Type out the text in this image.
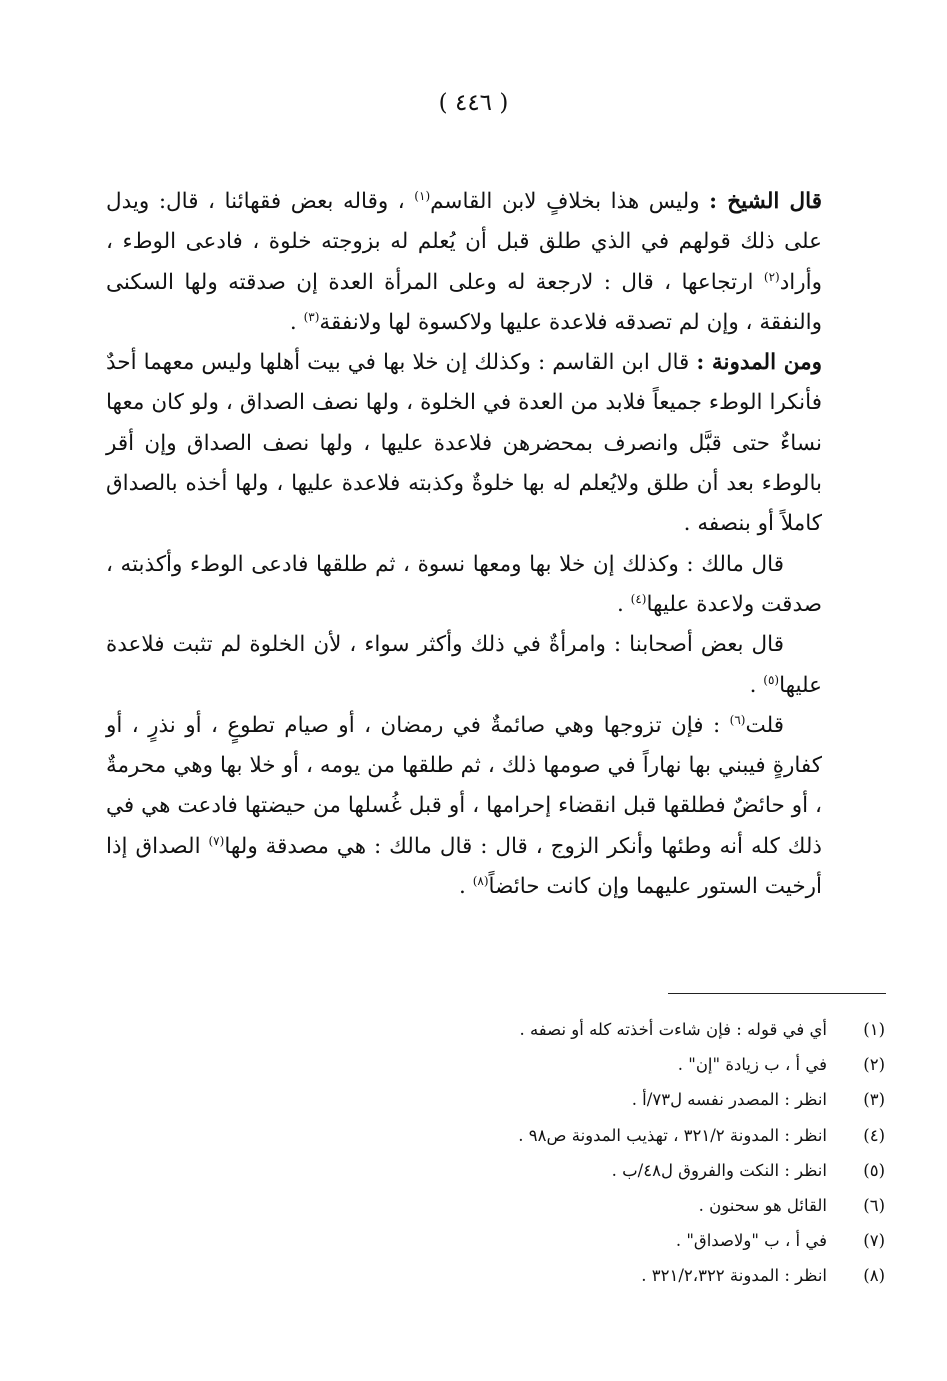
( ٤٤٦ )

قال الشيخ : وليس هذا بخلافٍ لابن القاسم$^{(١)}$ ، وقاله بعض فقهائنا ، قال: ويدل على ذلك قولهم في الذي طلق قبل أن يُعلم له بزوجته خلوة ، فادعى الوطء ، وأراد$^{(٢)}$ ارتجاعها ، قال : لارجعة له وعلى المرأة العدة إن صدقته ولها السكنى والنفقة ، وإن لم تصدقه فلاعدة عليها ولاكسوة لها ولانفقة$^{(٣)}$ .

ومن المدونة : قال ابن القاسم : وكذلك إن خلا بها في بيت أهلها وليس معهما أحدٌ فأنكرا الوطء جميعاً فلابد من العدة في الخلوة ، ولها نصف الصداق ، ولو كان معها نساءٌ حتى قبَّل وانصرف بمحضرهن فلاعدة عليها ، ولها نصف الصداق وإن أقر بالوطء بعد أن طلق ولايُعلم له بها خلوةٌ وكذبته فلاعدة عليها ، ولها أخذه بالصداق كاملاً أو بنصفه .

قال مالك : وكذلك إن خلا بها ومعها نسوة ، ثم طلقها فادعى الوطء وأكذبته ، صدقت ولاعدة عليها$^{(٤)}$ .

قال بعض أصحابنا : وامرأةٌ في ذلك وأكثر سواء ، لأن الخلوة لم تثبت فلاعدة عليها$^{(٥)}$ .

قلت$^{(٦)}$ : فإن تزوجها وهي صائمةٌ في رمضان ، أو صيام تطوعٍ ، أو نذرٍ ، أو كفارةٍ فيبني بها نهاراً في صومها ذلك ، ثم طلقها من يومه ، أو خلا بها وهي محرمةٌ ، أو حائضٌ فطلقها قبل انقضاء إحرامها ، أو قبل غُسلها من حيضتها فادعت هي في ذلك كله أنه وطئها وأنكر الزوج ، قال : قال مالك : هي مصدقة ولها$^{(٧)}$ الصداق إذا أرخيت الستور عليهما وإن كانت حائضاً$^{(٨)}$ .

(١)
أي في قوله : فإن شاءت أخذته كله أو نصفه .
(٢)
في أ ، ب زيادة "إن" .
(٣)
انظر : المصدر نفسه ل٧٣/أ .
(٤)
انظر : المدونة ٣٢١/٢ ، تهذيب المدونة ص٩٨ .
(٥)
انظر : النكت والفروق ل٤٨/ب .
(٦)
القائل هو سحنون .
(٧)
في أ ، ب "ولاصداق" .
(٨)
انظر : المدونة ٣٢١/٢،٣٢٢ .
